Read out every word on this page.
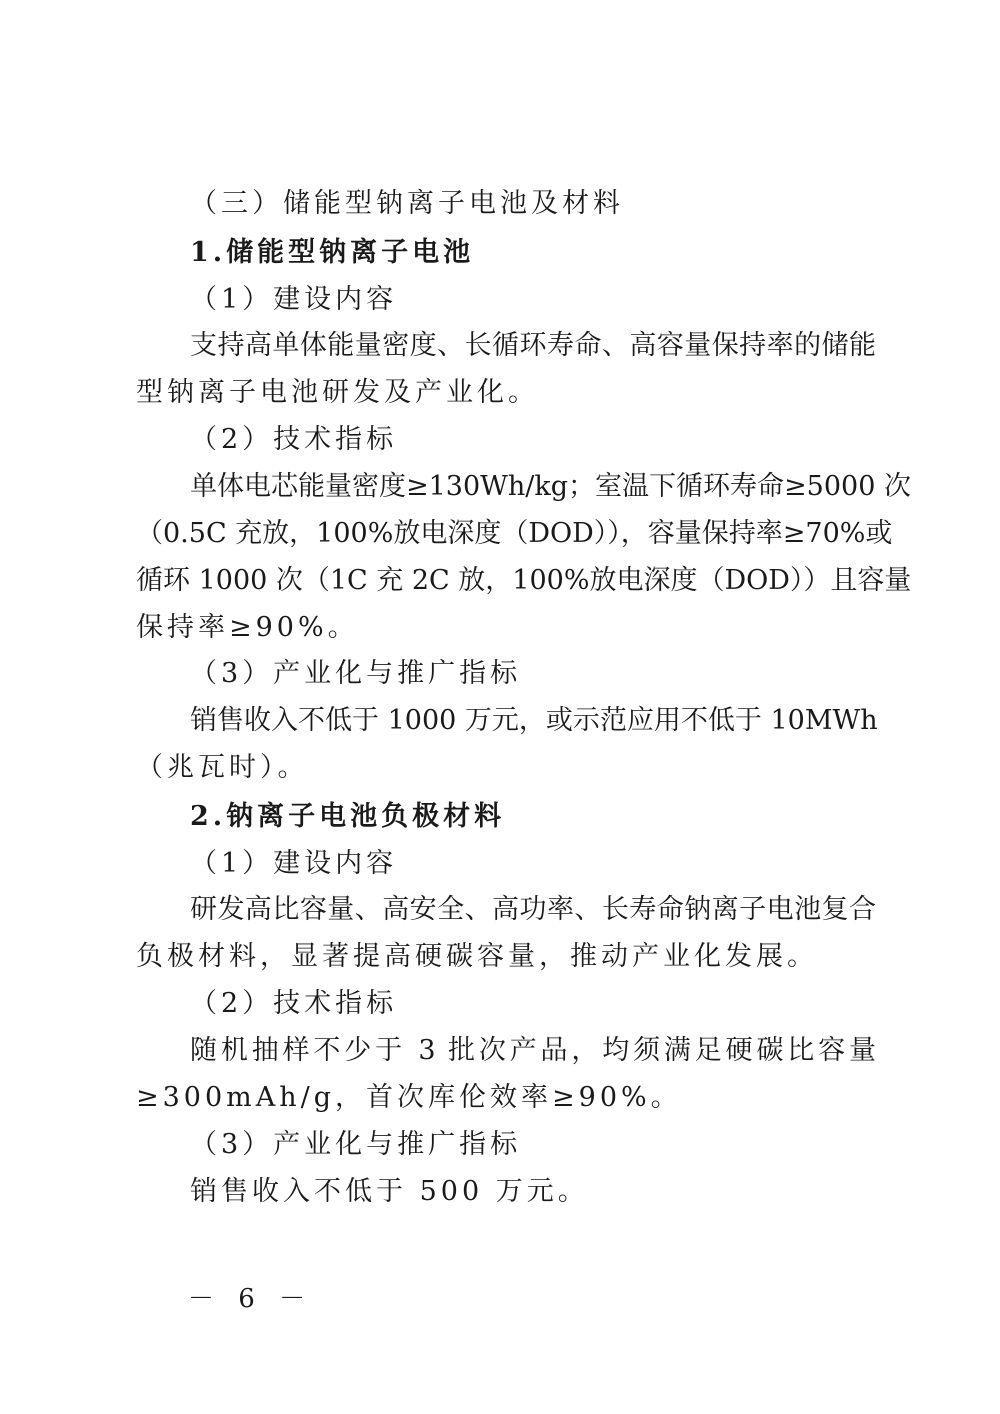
（三）储能型钠离子电池及材料
1.储能型钠离子电池
（1）建设内容
支持高单体能量密度、长循环寿命、高容量保持率的储能
型钠离子电池研发及产业化。
（2）技术指标
单体电芯能量密度≥130Wh/kg；室温下循环寿命≥5000 次
（0.5C 充放，100%放电深度（DOD）），容量保持率≥70%或
循环 1000 次（1C 充 2C 放，100%放电深度（DOD））且容量
保持率≥90%。
（3）产业化与推广指标
销售收入不低于 1000 万元，或示范应用不低于 10MWh
（兆瓦时）。
2.钠离子电池负极材料
（1）建设内容
研发高比容量、高安全、高功率、长寿命钠离子电池复合
负极材料，显著提高硬碳容量，推动产业化发展。
（2）技术指标
随机抽样不少于 3 批次产品，均须满足硬碳比容量
≥300mAh/g，首次库伦效率≥90%。
（3）产业化与推广指标
销售收入不低于 500 万元。
－ 6 －
